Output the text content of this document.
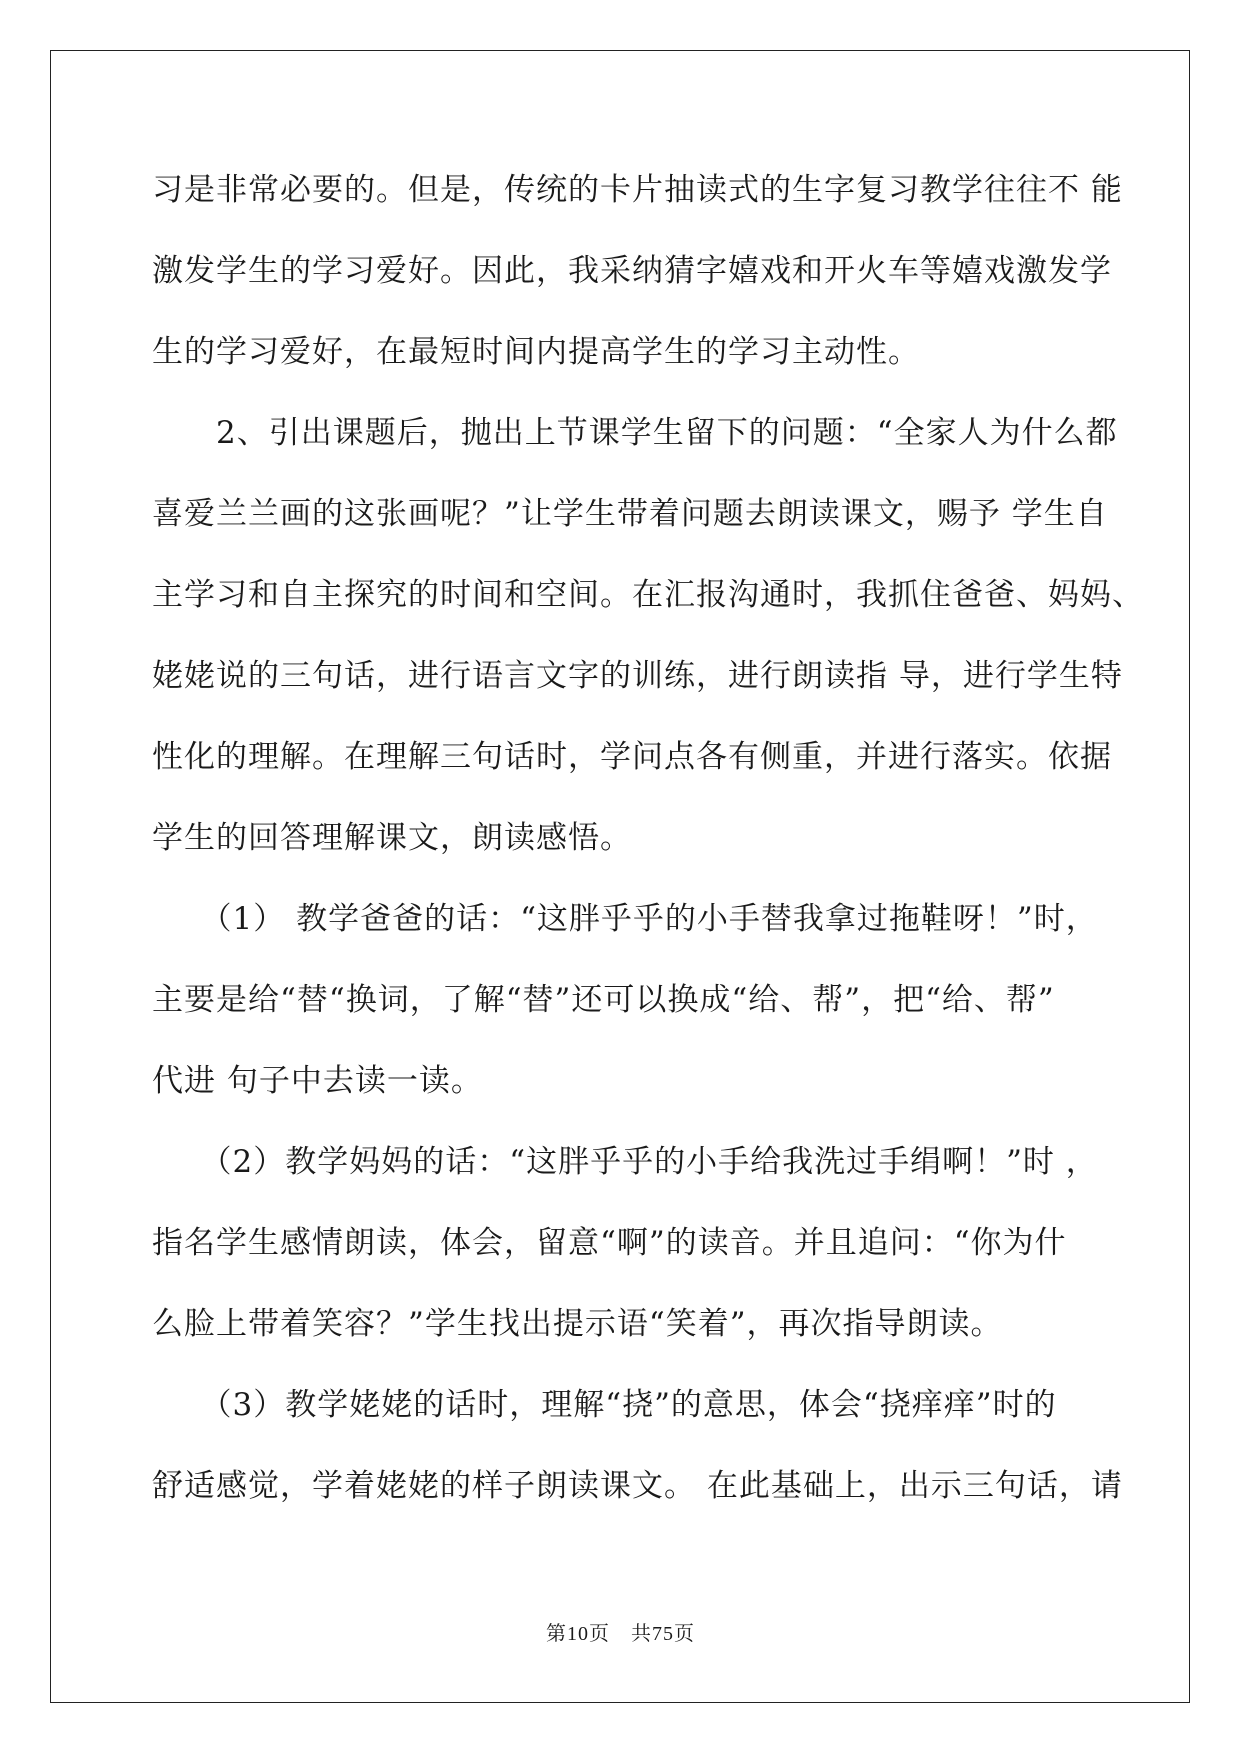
习是非常必要的。但是，传统的卡片抽读式的生字复习教学往往不 能
激发学生的学习爱好。因此，我采纳猜字嬉戏和开火车等嬉戏激发学
生的学习爱好，在最短时间内提高学生的学习主动性。
　　2、引出课题后，抛出上节课学生留下的问题：“全家人为什么都
喜爱兰兰画的这张画呢？”让学生带着问题去朗读课文，赐予 学生自
主学习和自主探究的时间和空间。在汇报沟通时，我抓住爸爸、妈妈、
姥姥说的三句话，进行语言文字的训练，进行朗读指 导，进行学生特
性化的理解。在理解三句话时，学问点各有侧重，并进行落实。依据
学生的回答理解课文，朗读感悟。
　　（1） 教学爸爸的话：“这胖乎乎的小手替我拿过拖鞋呀！”时，
主要是给“替“换词，了解“替”还可以换成“给、帮”，把“给、帮”
代进 句子中去读一读。
　　（2）教学妈妈的话：“这胖乎乎的小手给我洗过手绢啊！”时 ，
指名学生感情朗读，体会，留意“啊”的读音。并且追问：“你为什
么脸上带着笑容？”学生找出提示语“笑着”，再次指导朗读。
　　（3）教学姥姥的话时，理解“挠”的意思，体会“挠痒痒”时的
舒适感觉，学着姥姥的样子朗读课文。 在此基础上，出示三句话，请
第10页　共75页
